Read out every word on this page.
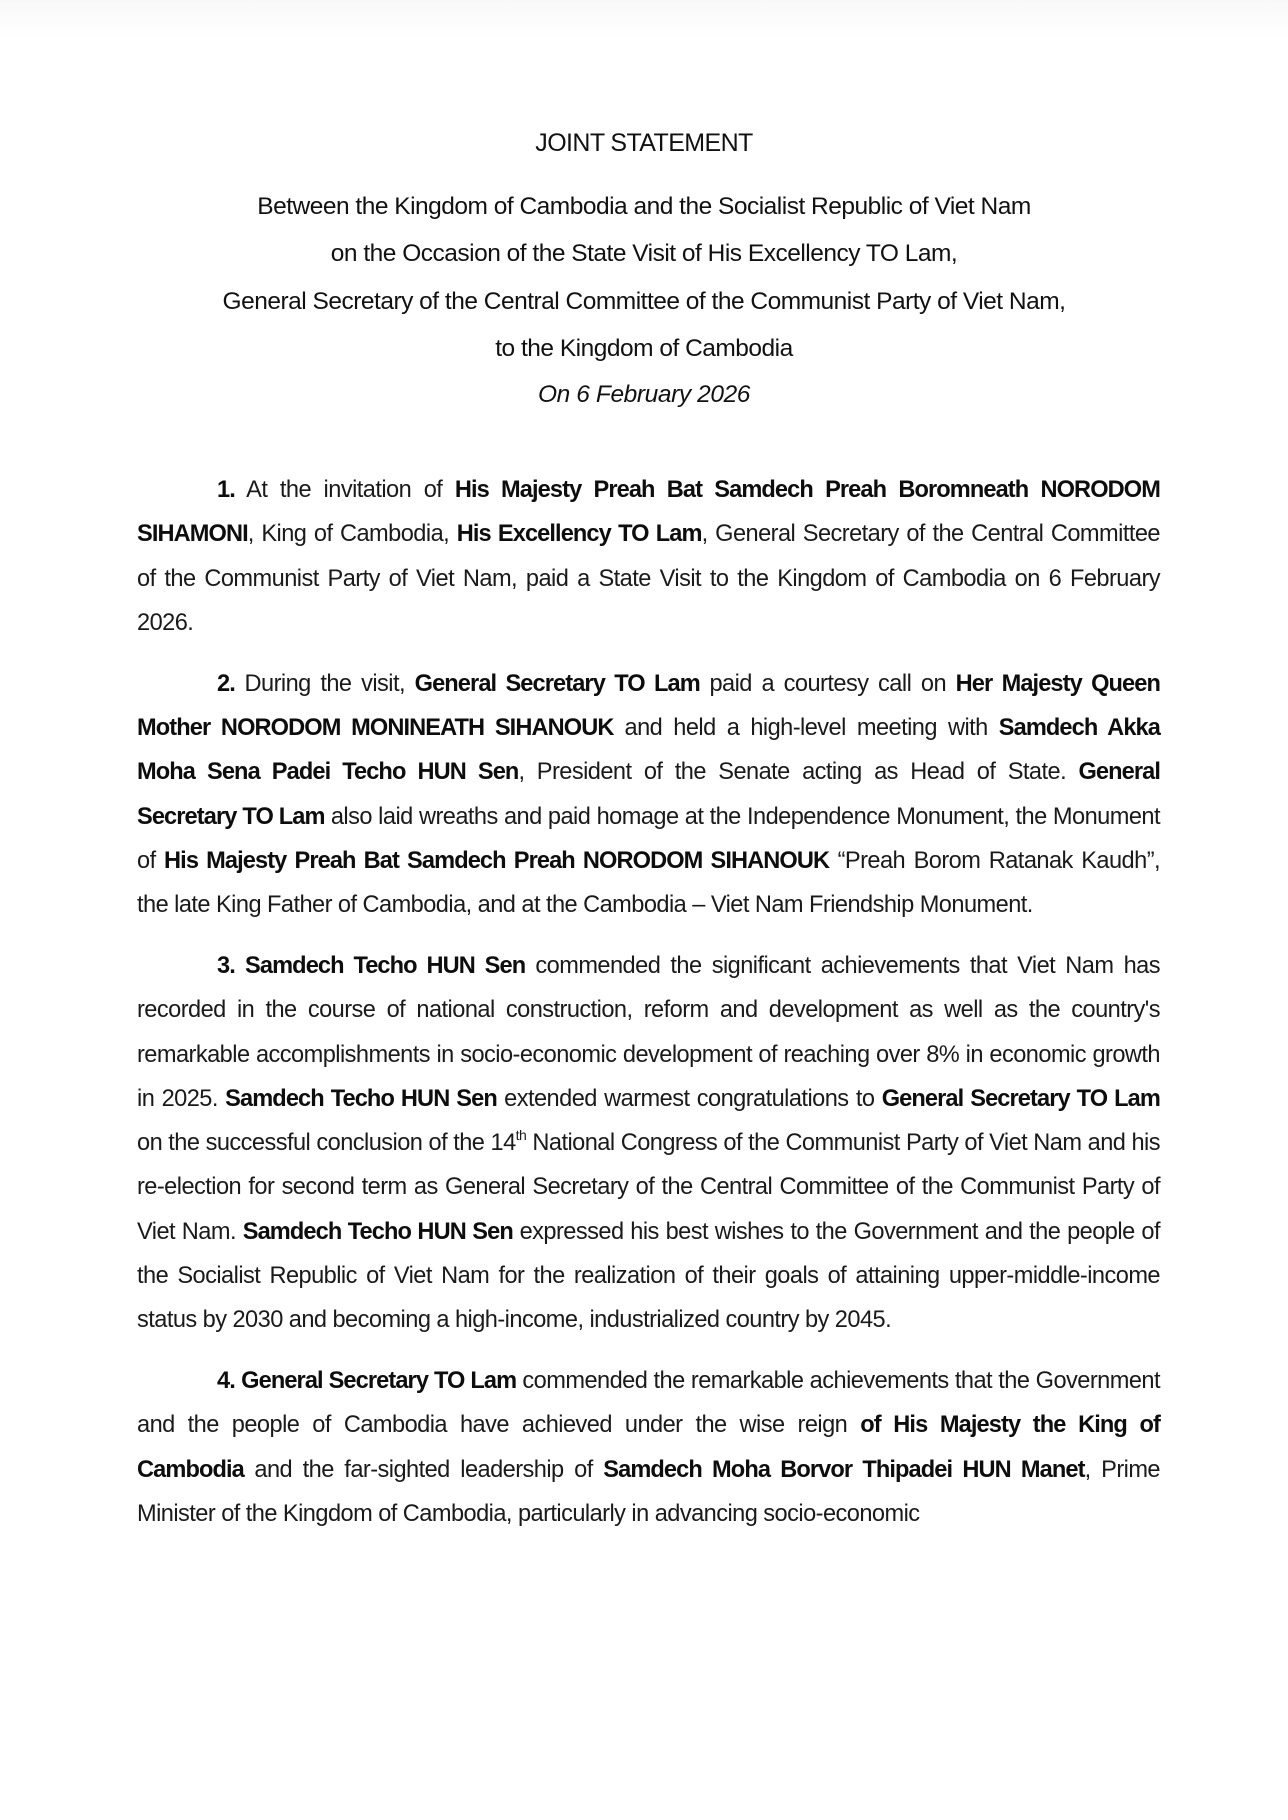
JOINT STATEMENT
Between the Kingdom of Cambodia and the Socialist Republic of Viet Nam
on the Occasion of the State Visit of His Excellency TO Lam,
General Secretary of the Central Committee of the Communist Party of Viet Nam,
to the Kingdom of Cambodia
On 6 February 2026

1. At the invitation of His Majesty Preah Bat Samdech Preah Boromneath NORODOM SIHAMONI, King of Cambodia, His Excellency TO Lam, General Secretary of the Central Committee of the Communist Party of Viet Nam, paid a State Visit to the Kingdom of Cambodia on 6 February 2026.

2. During the visit, General Secretary TO Lam paid a courtesy call on Her Majesty Queen Mother NORODOM MONINEATH SIHANOUK and held a high-level meeting with Samdech Akka Moha Sena Padei Techo HUN Sen, President of the Senate acting as Head of State. General Secretary TO Lam also laid wreaths and paid homage at the Independence Monument, the Monument of His Majesty Preah Bat Samdech Preah NORODOM SIHANOUK “Preah Borom Ratanak Kaudh”, the late King Father of Cambodia, and at the Cambodia – Viet Nam Friendship Monument.

3. Samdech Techo HUN Sen commended the significant achievements that Viet Nam has recorded in the course of national construction, reform and development as well as the country's remarkable accomplishments in socio-economic development of reaching over 8% in economic growth in 2025. Samdech Techo HUN Sen extended warmest congratulations to General Secretary TO Lam on the successful conclusion of the 14th National Congress of the Communist Party of Viet Nam and his re-election for second term as General Secretary of the Central Committee of the Communist Party of Viet Nam. Samdech Techo HUN Sen expressed his best wishes to the Government and the people of the Socialist Republic of Viet Nam for the realization of their goals of attaining upper-middle-income status by 2030 and becoming a high-income, industrialized country by 2045.

4. General Secretary TO Lam commended the remarkable achievements that the Government and the people of Cambodia have achieved under the wise reign of His Majesty the King of Cambodia and the far-sighted leadership of Samdech Moha Borvor Thipadei HUN Manet, Prime Minister of the Kingdom of Cambodia, particularly in advancing socio-economic
